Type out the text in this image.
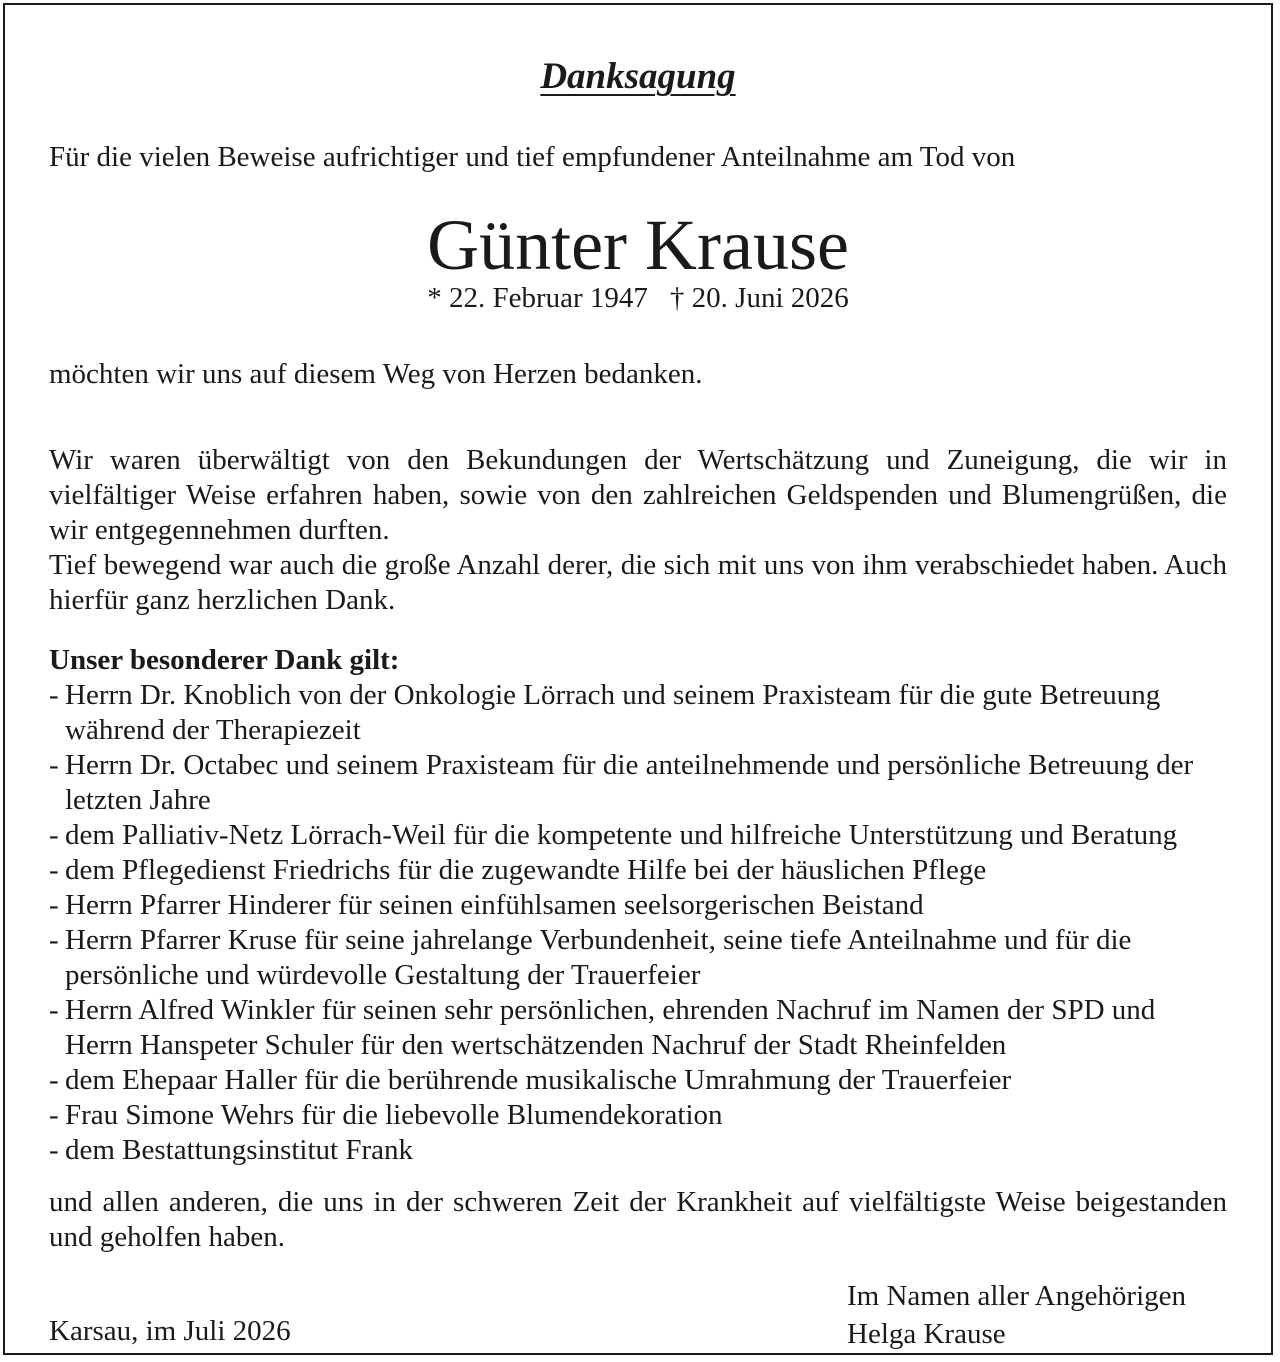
Danksagung

Für die vielen Beweise aufrichtiger und tief empfundener Anteilnahme am Tod von

Günter Krause

* 22. Februar 1947 † 20. Juni 2026

möchten wir uns auf diesem Weg von Herzen bedanken.

Wir waren überwältigt von den Bekundungen der Wertschätzung und Zuneigung, die wir in vielfältiger Weise erfahren haben, sowie von den zahlreichen Geldspenden und Blumengrüßen, die wir entgegennehmen durften.

Tief bewegend war auch die große Anzahl derer, die sich mit uns von ihm verabschiedet haben. Auch hierfür ganz herzlichen Dank.

Unser besonderer Dank gilt:

- Herrn Dr. Knoblich von der Onkologie Lörrach und seinem Praxisteam für die gute Betreuung während der Therapiezeit
- Herrn Dr. Octabec und seinem Praxisteam für die anteilnehmende und persönliche Betreuung der letzten Jahre
- dem Palliativ-Netz Lörrach-Weil für die kompetente und hilfreiche Unterstützung und Beratung
- dem Pflegedienst Friedrichs für die zugewandte Hilfe bei der häuslichen Pflege
- Herrn Pfarrer Hinderer für seinen einfühlsamen seelsorgerischen Beistand
- Herrn Pfarrer Kruse für seine jahrelange Verbundenheit, seine tiefe Anteilnahme und für die persönliche und würdevolle Gestaltung der Trauerfeier
- Herrn Alfred Winkler für seinen sehr persönlichen, ehrenden Nachruf im Namen der SPD und Herrn Hanspeter Schuler für den wertschätzenden Nachruf der Stadt Rheinfelden
- dem Ehepaar Haller für die berührende musikalische Umrahmung der Trauerfeier
- Frau Simone Wehrs für die liebevolle Blumendekoration
- dem Bestattungsinstitut Frank

und allen anderen, die uns in der schweren Zeit der Krankheit auf vielfältigste Weise beigestanden und geholfen haben.

Karsau, im Juli 2026
Im Namen aller Angehörigen
Helga Krause
